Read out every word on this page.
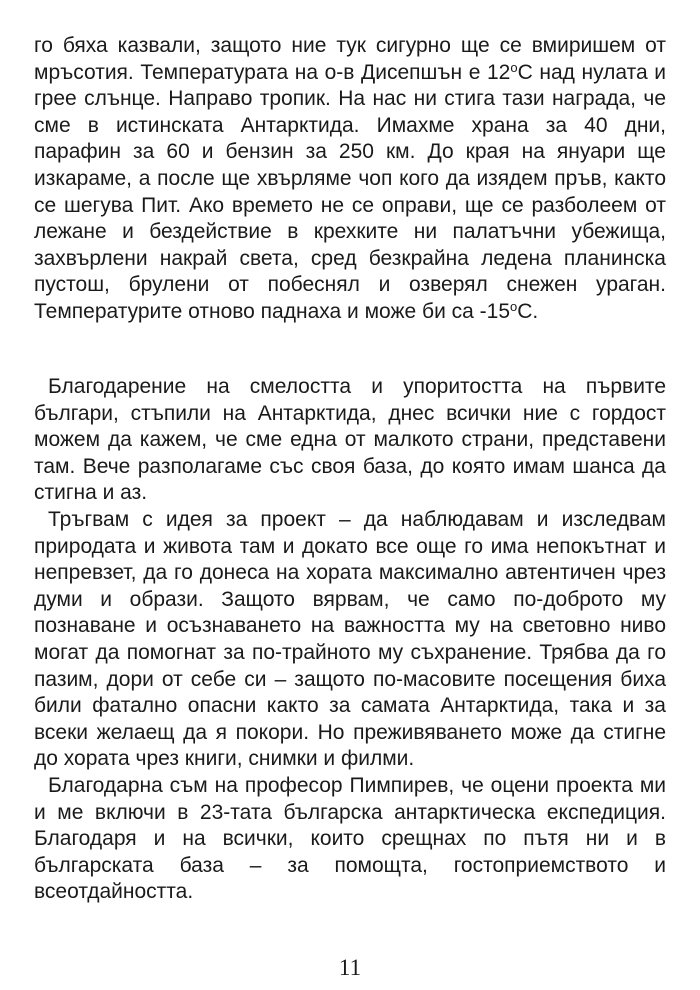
го бяха казвали, защото ние тук сигурно ще се вмиришем от мръсотия. Температурата на о-в Дисепшън е 12$^o$C над нулата и грее слънце. Направо тропик. На нас ни стига тази награда, че сме в истинската Антарктида. Имахме храна за 40 дни, парафин за 60 и бензин за 250 км. До края на януари ще изкараме, а после ще хвърляме чоп кого да изядем пръв, както се шегува Пит. Ако времето не се оправи, ще се разболеем от лежане и бездействие в крехките ни палатъчни убежища, захвърлени накрай света, сред безкрайна ледена планинска пустош, брулени от побеснял и озверял снежен ураган. Температурите отново паднаха и може би са -15$^o$C.

Благодарение на смелостта и упоритостта на първите българи, стъпили на Антарктида, днес всички ние с гордост можем да кажем, че сме една от малкото страни, представени там. Вече разполагаме със своя база, до която имам шанса да стигна и аз.

Тръгвам с идея за проект – да наблюдавам и изследвам природата и живота там и докато все още го има непокътнат и непревзет, да го донеса на хората максимално автентичен чрез думи и образи. Защото вярвам, че само по-доброто му познаване и осъзнаването на важността му на световно ниво могат да помогнат за по-трайното му съхранение. Трябва да го пазим, дори от себе си – защото по-масовите посещения биха били фатално опасни както за самата Антарктида, така и за всеки желаещ да я покори. Но преживяването може да стигне до хората чрез книги, снимки и филми.

Благодарна съм на професор Пимпирев, че оцени проекта ми и ме включи в 23-тата българска антарктическа експедиция. Благодаря и на всички, които срещнах по пътя ни и в българската база – за помощта, гостоприемството и всеотдайността.

11
